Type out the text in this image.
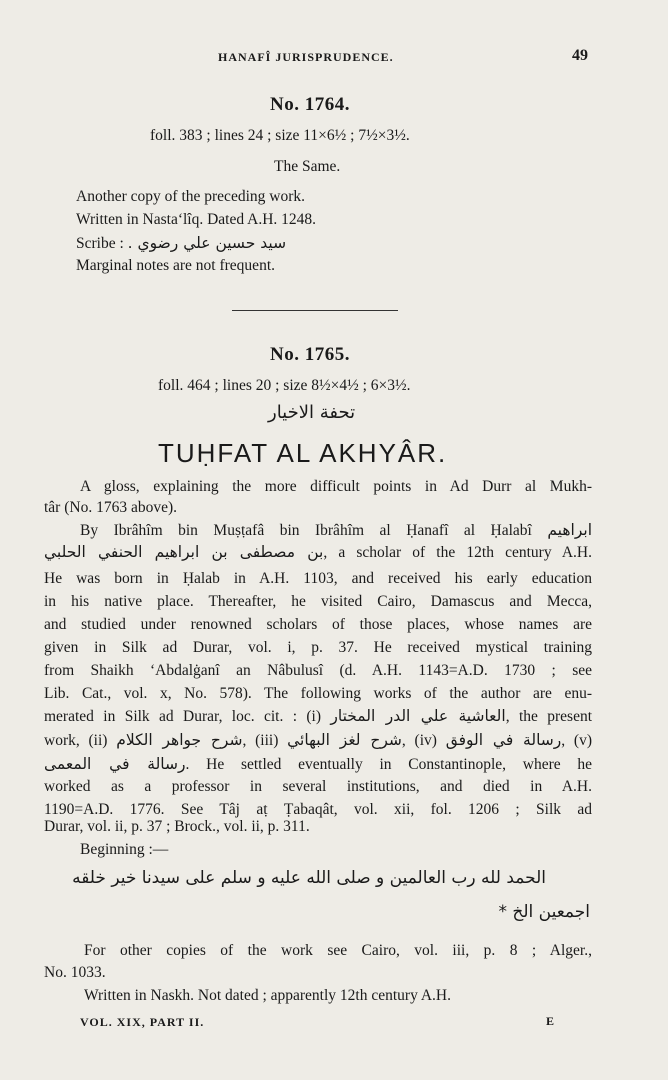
HANAFÎ JURISPRUDENCE.	49
No. 1764.
foll. 383 ; lines 24 ; size 11×6½ ; 7½×3½.
The Same.
Another copy of the preceding work.
Written in Nasta‘lîq. Dated A.H. 1248.
Scribe : سيد حسين علي رضوي .
Marginal notes are not frequent.
No. 1765.
foll. 464 ; lines 20 ; size 8½×4½ ; 6×3½.
تحفة الاخيار
TUḤFAT AL AKHYÂR.
A gloss, explaining the more difficult points in Ad Durr al Mukh-
târ (No. 1763 above).
By Ibrâhîm bin Muṣṭafâ bin Ibrâhîm al Ḥanafî al Ḥalabî ابراهيم
بن مصطفى بن ابراهيم الحنفي الحلبي, a scholar of the 12th century A.H.
He was born in Ḥalab in A.H. 1103, and received his early education
in his native place. Thereafter, he visited Cairo, Damascus and Mecca,
and studied under renowned scholars of those places, whose names are
given in Silk ad Durar, vol. i, p. 37. He received mystical training
from Shaikh ‘Abdalġanî an Nâbulusî (d. A.H. 1143=A.D. 1730 ; see
Lib. Cat., vol. x, No. 578). The following works of the author are enu-
merated in Silk ad Durar, loc. cit. : (i) العاشية علي الدر المختار, the present
work, (ii) شرح جواهر الكلام, (iii) شرح لغز البهائي, (iv) رسالة في الوفق, (v)
رسالة في المعمى. He settled eventually in Constantinople, where he
worked as a professor in several institutions, and died in A.H.
1190=A.D. 1776. See Tâj aṭ Ṭabaqât, vol. xii, fol. 1206 ; Silk ad
Durar, vol. ii, p. 37 ; Brock., vol. ii, p. 311.
Beginning :—
الحمد لله رب العالمين و صلى الله عليه و سلم على سيدنا خير خلقه
اجمعين الخ *
For other copies of the work see Cairo, vol. iii, p. 8 ; Alger.,
No. 1033.
Written in Naskh. Not dated ; apparently 12th century A.H.
VOL. XIX, PART II.	E
